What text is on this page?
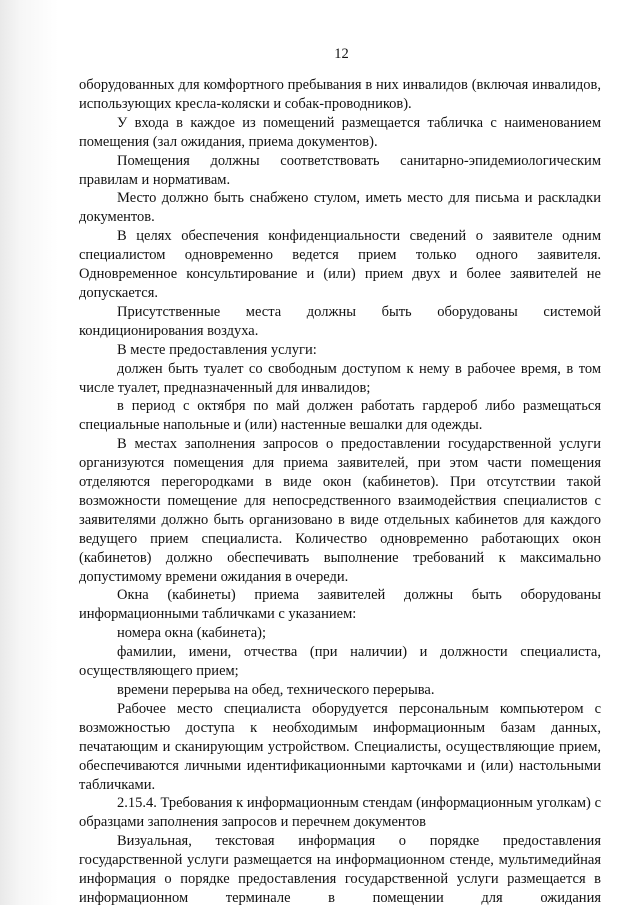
12

оборудованных для комфортного пребывания в них инвалидов (включая инвалидов, использующих кресла-коляски и собак-проводников).

У входа в каждое из помещений размещается табличка с наименованием помещения (зал ожидания, приема документов).

Помещения должны соответствовать санитарно-эпидемиологическим правилам и нормативам.

Место должно быть снабжено стулом, иметь место для письма и раскладки документов.

В целях обеспечения конфиденциальности сведений о заявителе одним специалистом одновременно ведется прием только одного заявителя. Одновременное консультирование и (или) прием двух и более заявителей не допускается.

Присутственные места должны быть оборудованы системой кондиционирования воздуха.

В месте предоставления услуги:

должен быть туалет со свободным доступом к нему в рабочее время, в том числе туалет, предназначенный для инвалидов;

в период с октября по май должен работать гардероб либо размещаться специальные напольные и (или) настенные вешалки для одежды.

В местах заполнения запросов о предоставлении государственной услуги организуются помещения для приема заявителей, при этом части помещения отделяются перегородками в виде окон (кабинетов). При отсутствии такой возможности помещение для непосредственного взаимодействия специалистов с заявителями должно быть организовано в виде отдельных кабинетов для каждого ведущего прием специалиста. Количество одновременно работающих окон (кабинетов) должно обеспечивать выполнение требований к максимально допустимому времени ожидания в очереди.

Окна (кабинеты) приема заявителей должны быть оборудованы информационными табличками с указанием:

номера окна (кабинета);

фамилии, имени, отчества (при наличии) и должности специалиста, осуществляющего прием;

времени перерыва на обед, технического перерыва.

Рабочее место специалиста оборудуется персональным компьютером с возможностью доступа к необходимым информационным базам данных, печатающим и сканирующим устройством. Специалисты, осуществляющие прием, обеспечиваются личными идентификационными карточками и (или) настольными табличками.

2.15.4. Требования к информационным стендам (информационным уголкам) с образцами заполнения запросов и перечнем документов

Визуальная, текстовая информация о порядке предоставления государственной услуги размещается на информационном стенде, мультимедийная информация о порядке предоставления государственной услуги размещается в информационном терминале в помещении для ожидания
